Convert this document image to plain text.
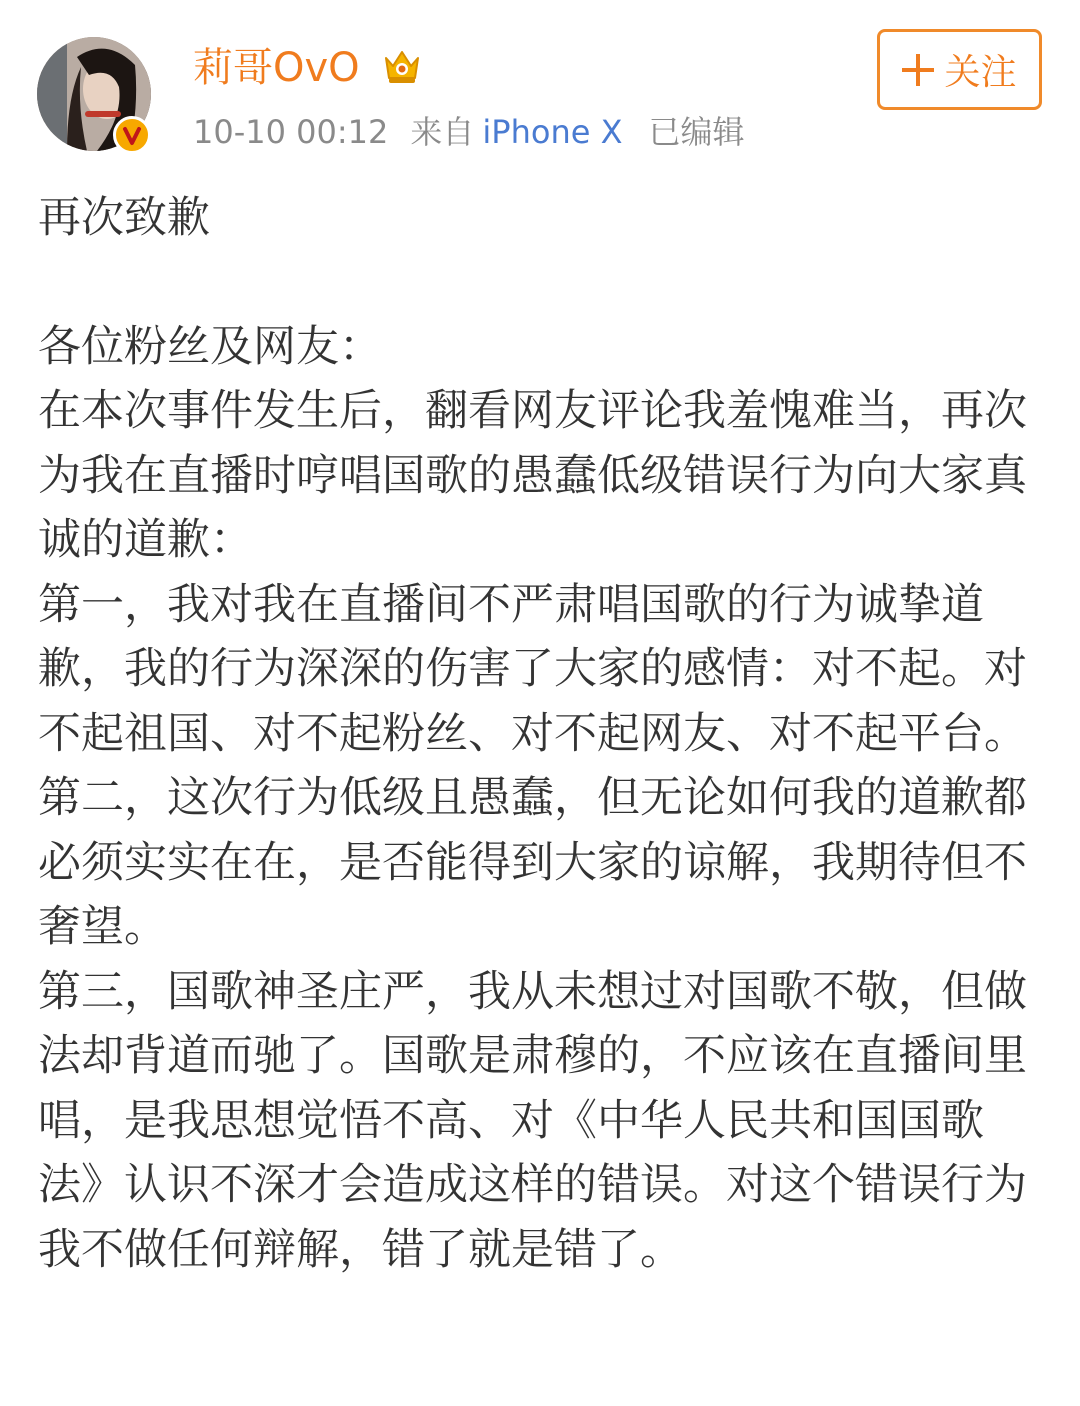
莉哥OvO
10-10 00:12 来自 iPhone X 已编辑
关注

再次致歉

各位粉丝及网友：

在本次事件发生后，翻看网友评论我羞愧难当，再次为我在直播时哼唱国歌的愚蠢低级错误行为向大家真诚的道歉：

第一，我对我在直播间不严肃唱国歌的行为诚挚道歉，我的行为深深的伤害了大家的感情：对不起。对不起祖国、对不起粉丝、对不起网友、对不起平台。

第二，这次行为低级且愚蠢，但无论如何我的道歉都必须实实在在，是否能得到大家的谅解，我期待但不奢望。

第三，国歌神圣庄严，我从未想过对国歌不敬，但做法却背道而驰了。国歌是肃穆的，不应该在直播间里唱，是我思想觉悟不高、对《中华人民共和国国歌法》认识不深才会造成这样的错误。对这个错误行为我不做任何辩解，错了就是错了。
